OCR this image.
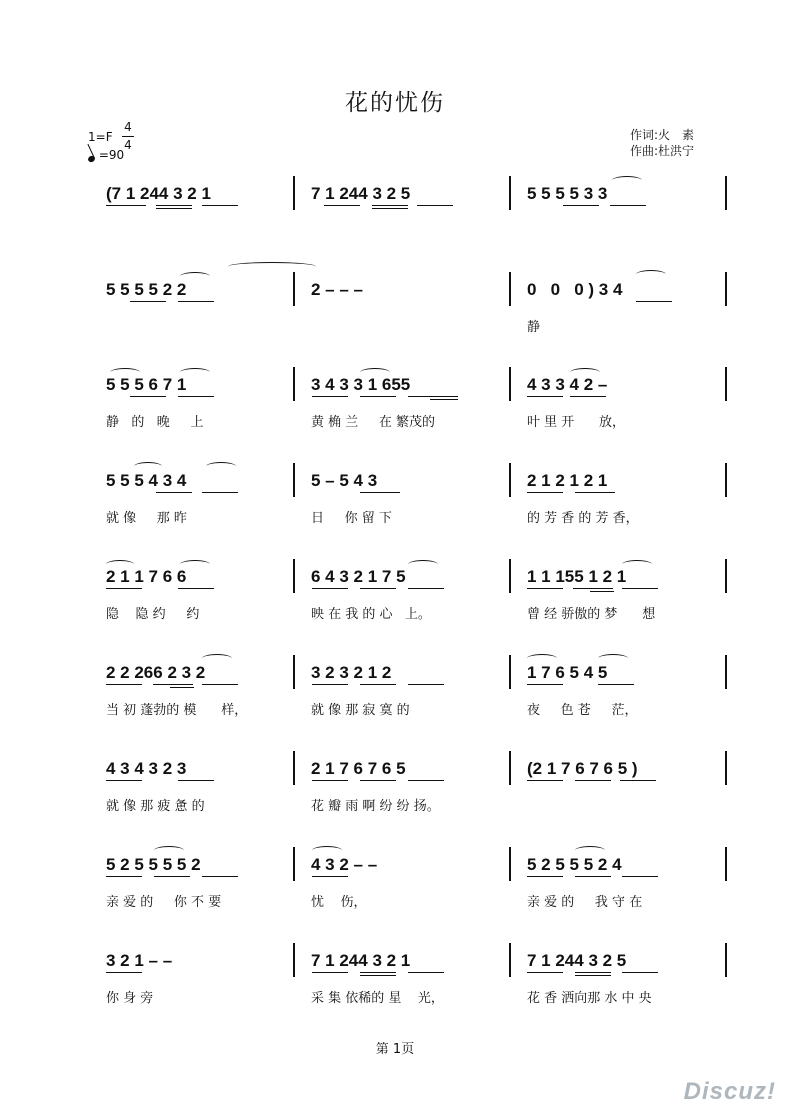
花的忧伤
1=F
4
4
=90
作词:火　素
作曲:杜洪宁
(7 1 244 3 2 1	7 1 244 3 2 5	5 5 5 5 3 3
5 5 5 5 2 2	2 – – –	0   0   0 ) 3 4
静
5 5 5 6 7 1
静   的   晚     上
3 4 3 3 1 655
黄 桷 兰     在 繁茂的
4 3 3 4 2 –
叶 里 开      放，
5 5 5 4 3 4
就 像     那 昨
5 – 5 4 3
日     你 留 下
2 1 2 1 2 1
的 芳 香 的 芳 香，
2 1 1 7 6 6
隐    隐 约     约
6 4 3 2 1 7 5
映 在 我 的 心   上。
1 1 155 1 2 1
曾 经 骄傲的 梦      想
2 2 266 2 3 2
当 初 蓬勃的 模      样，
3 2 3 2 1 2
就 像 那 寂 寞 的
1 7 6 5 4 5
夜     色 苍     茫，
4 3 4 3 2 3
就 像 那 疲 惫 的
2 1 7 6 7 6 5
花 瓣 雨 啊 纷 纷 扬。
(2 1 7 6 7 6 5 )
5 2 5 5 5 5 2
亲 爱 的     你 不 要
4 3 2 – –
忧    伤，
5 2 5 5 5 2 4
亲 爱 的     我 守 在
3 2 1 – –
你 身 旁
7 1 244 3 2 1
采 集 依稀的 星    光，
7 1 244 3 2 5
花 香 洒向那 水 中 央
第 1页
Discuz!
